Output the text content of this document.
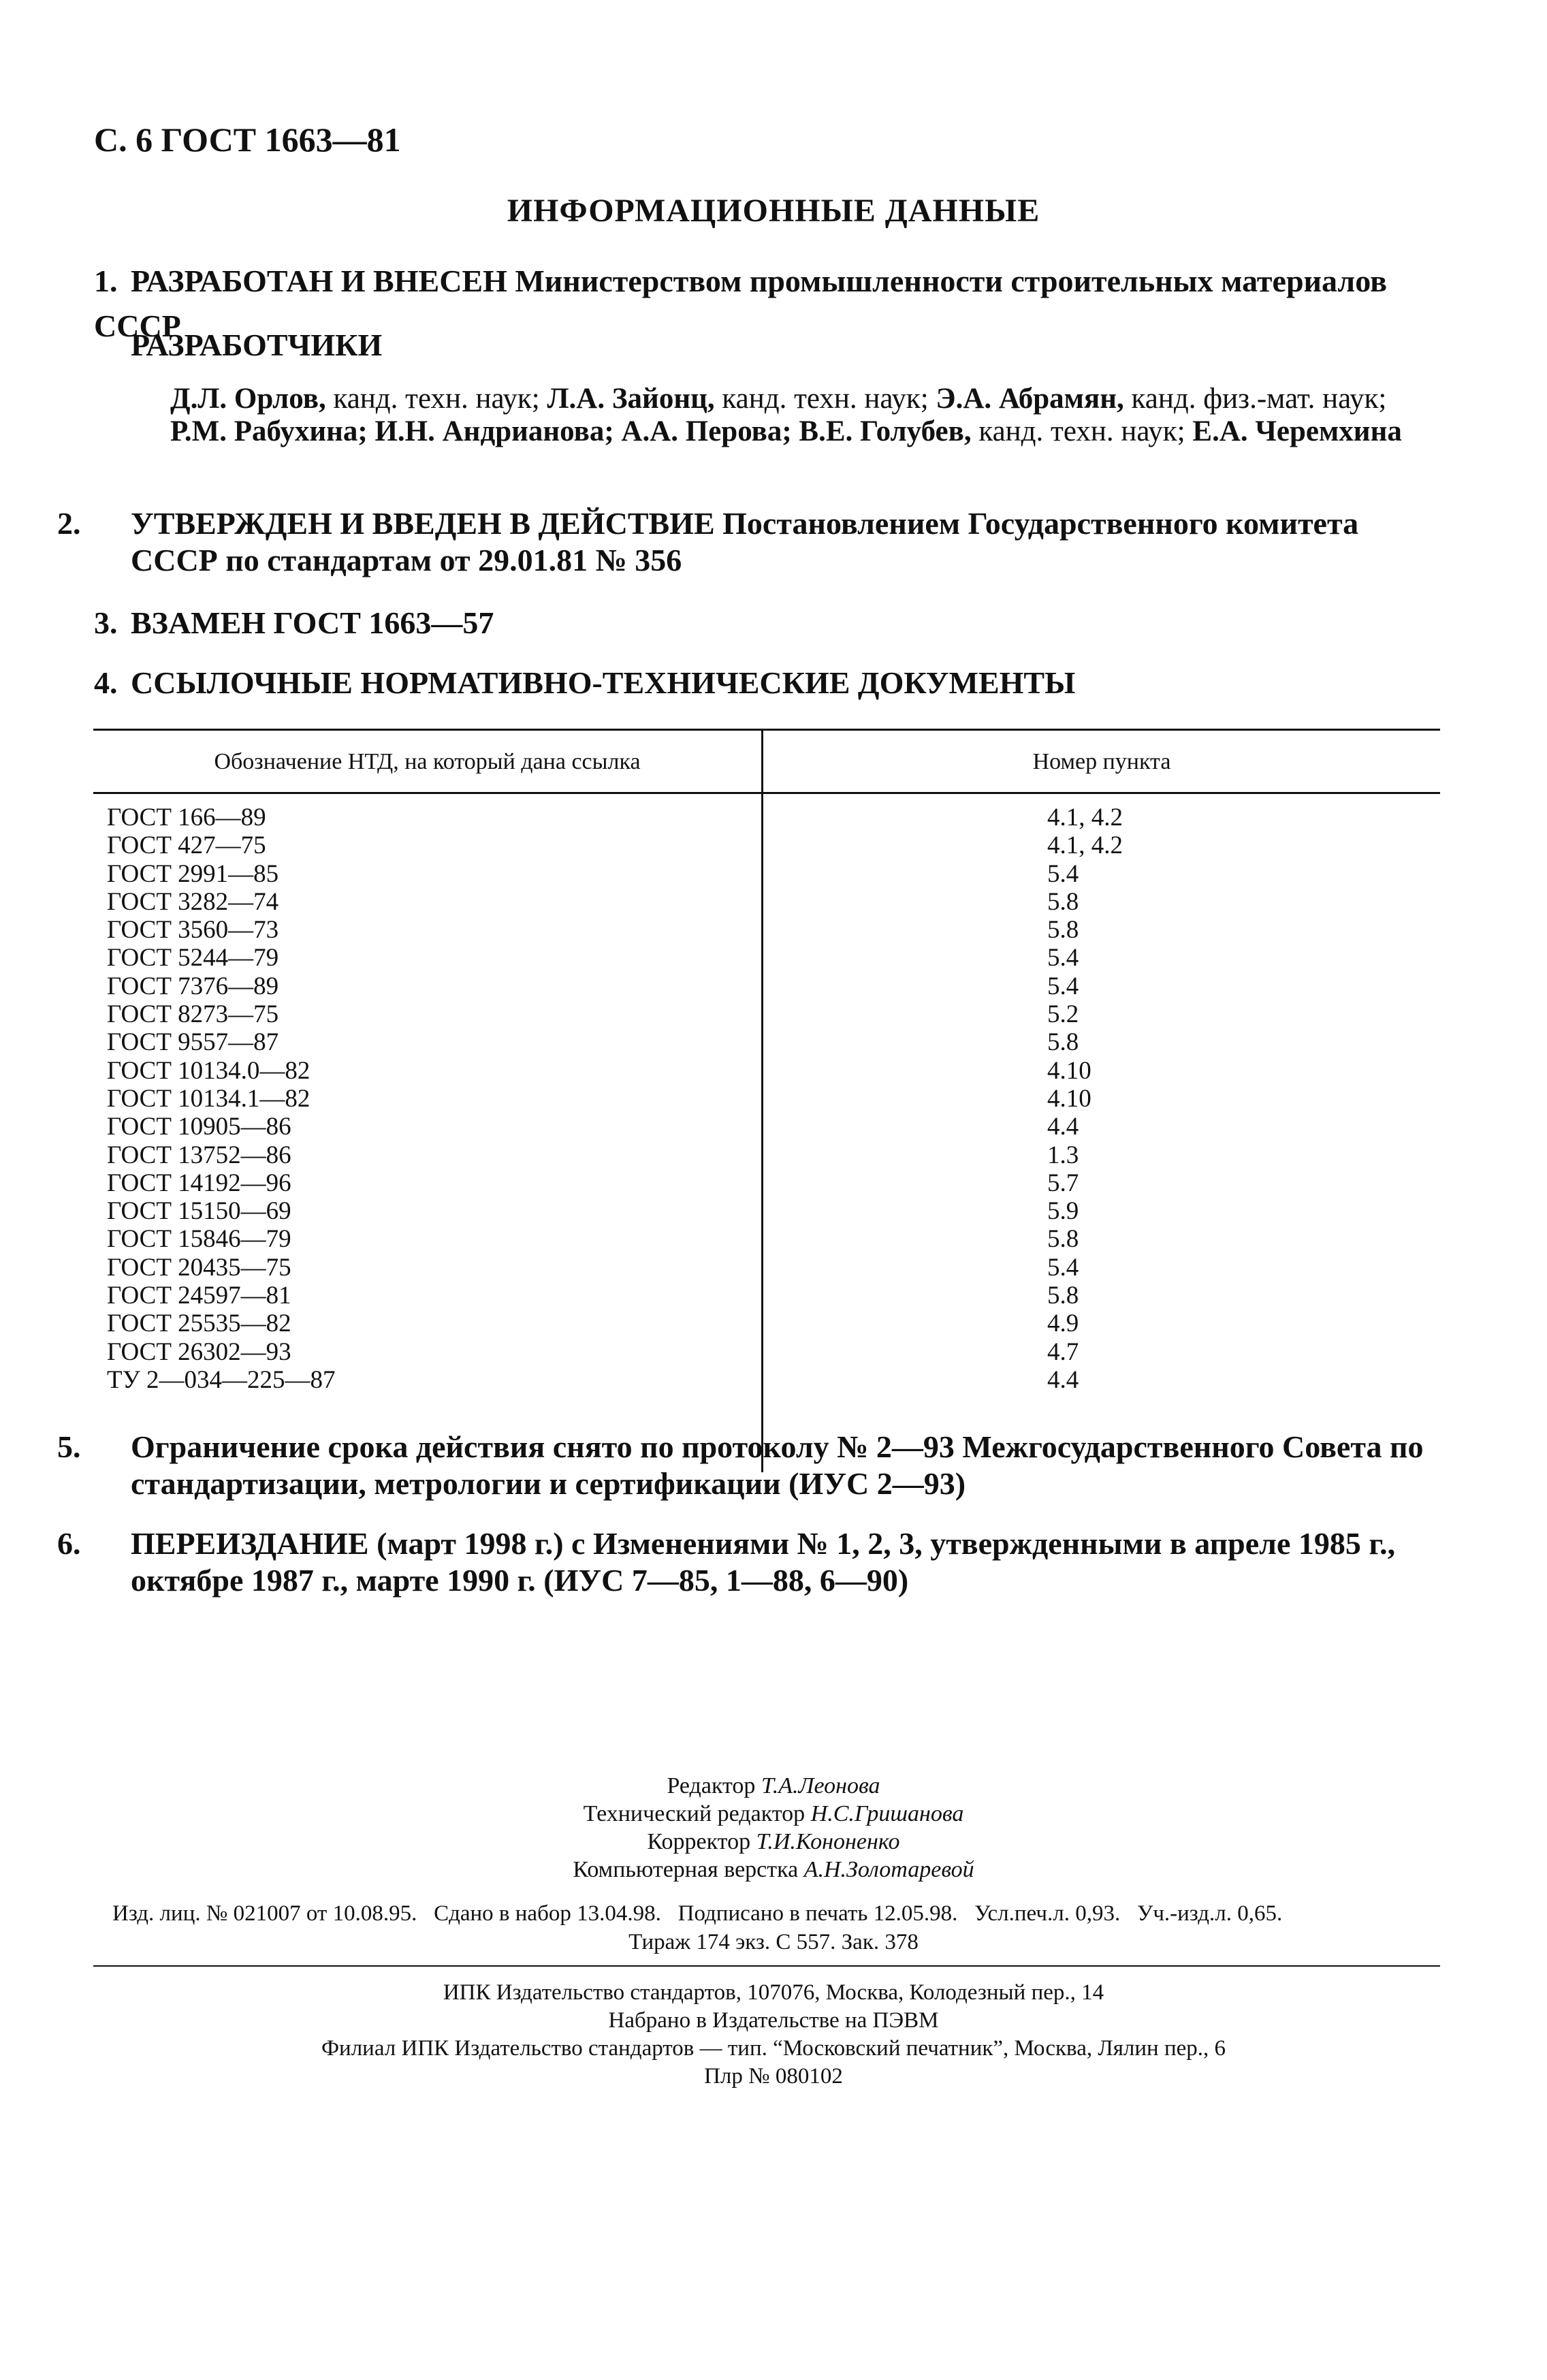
С. 6 ГОСТ 1663—81
ИНФОРМАЦИОННЫЕ ДАННЫЕ
1. РАЗРАБОТАН И ВНЕСЕН Министерством промышленности строительных материалов СССР
РАЗРАБОТЧИКИ
Д.Л. Орлов, канд. техн. наук; Л.А. Зайонц, канд. техн. наук; Э.А. Абрамян, канд. физ.-мат. наук; Р.М. Рабухина; И.Н. Андрианова; А.А. Перова; В.Е. Голубев, канд. техн. наук; Е.А. Черемхина
2. УТВЕРЖДЕН И ВВЕДЕН В ДЕЙСТВИЕ Постановлением Государственного комитета СССР по стандартам от 29.01.81 № 356
3. ВЗАМЕН ГОСТ 1663—57
4. ССЫЛОЧНЫЕ НОРМАТИВНО-ТЕХНИЧЕСКИЕ ДОКУМЕНТЫ
Обозначение НТД, на который дана ссылка	Номер пункта
ГОСТ 166—89
ГОСТ 427—75
ГОСТ 2991—85
ГОСТ 3282—74
ГОСТ 3560—73
ГОСТ 5244—79
ГОСТ 7376—89
ГОСТ 8273—75
ГОСТ 9557—87
ГОСТ 10134.0—82
ГОСТ 10134.1—82
ГОСТ 10905—86
ГОСТ 13752—86
ГОСТ 14192—96
ГОСТ 15150—69
ГОСТ 15846—79
ГОСТ 20435—75
ГОСТ 24597—81
ГОСТ 25535—82
ГОСТ 26302—93
ТУ 2—034—225—87
4.1, 4.2
4.1, 4.2
5.4
5.8
5.8
5.4
5.4
5.2
5.8
4.10
4.10
4.4
1.3
5.7
5.9
5.8
5.4
5.8
4.9
4.7
4.4
5. Ограничение срока действия снято по протоколу № 2—93 Межгосударственного Совета по стандартизации, метрологии и сертификации (ИУС 2—93)
6. ПЕРЕИЗДАНИЕ (март 1998 г.) с Изменениями № 1, 2, 3, утвержденными в апреле 1985 г., октябре 1987 г., марте 1990 г. (ИУС 7—85, 1—88, 6—90)
Редактор Т.А.Леонова
Технический редактор Н.С.Гришанова
Корректор Т.И.Кононенко
Компьютерная верстка А.Н.Золотаревой
Изд. лиц. № 021007 от 10.08.95.   Сдано в набор 13.04.98.   Подписано в печать 12.05.98.   Усл.печ.л. 0,93.   Уч.-изд.л. 0,65.
Тираж 174 экз. С 557. Зак. 378
ИПК Издательство стандартов, 107076, Москва, Колодезный пер., 14
Набрано в Издательстве на ПЭВМ
Филиал ИПК Издательство стандартов — тип. “Московский печатник”, Москва, Лялин пер., 6
Плр № 080102
